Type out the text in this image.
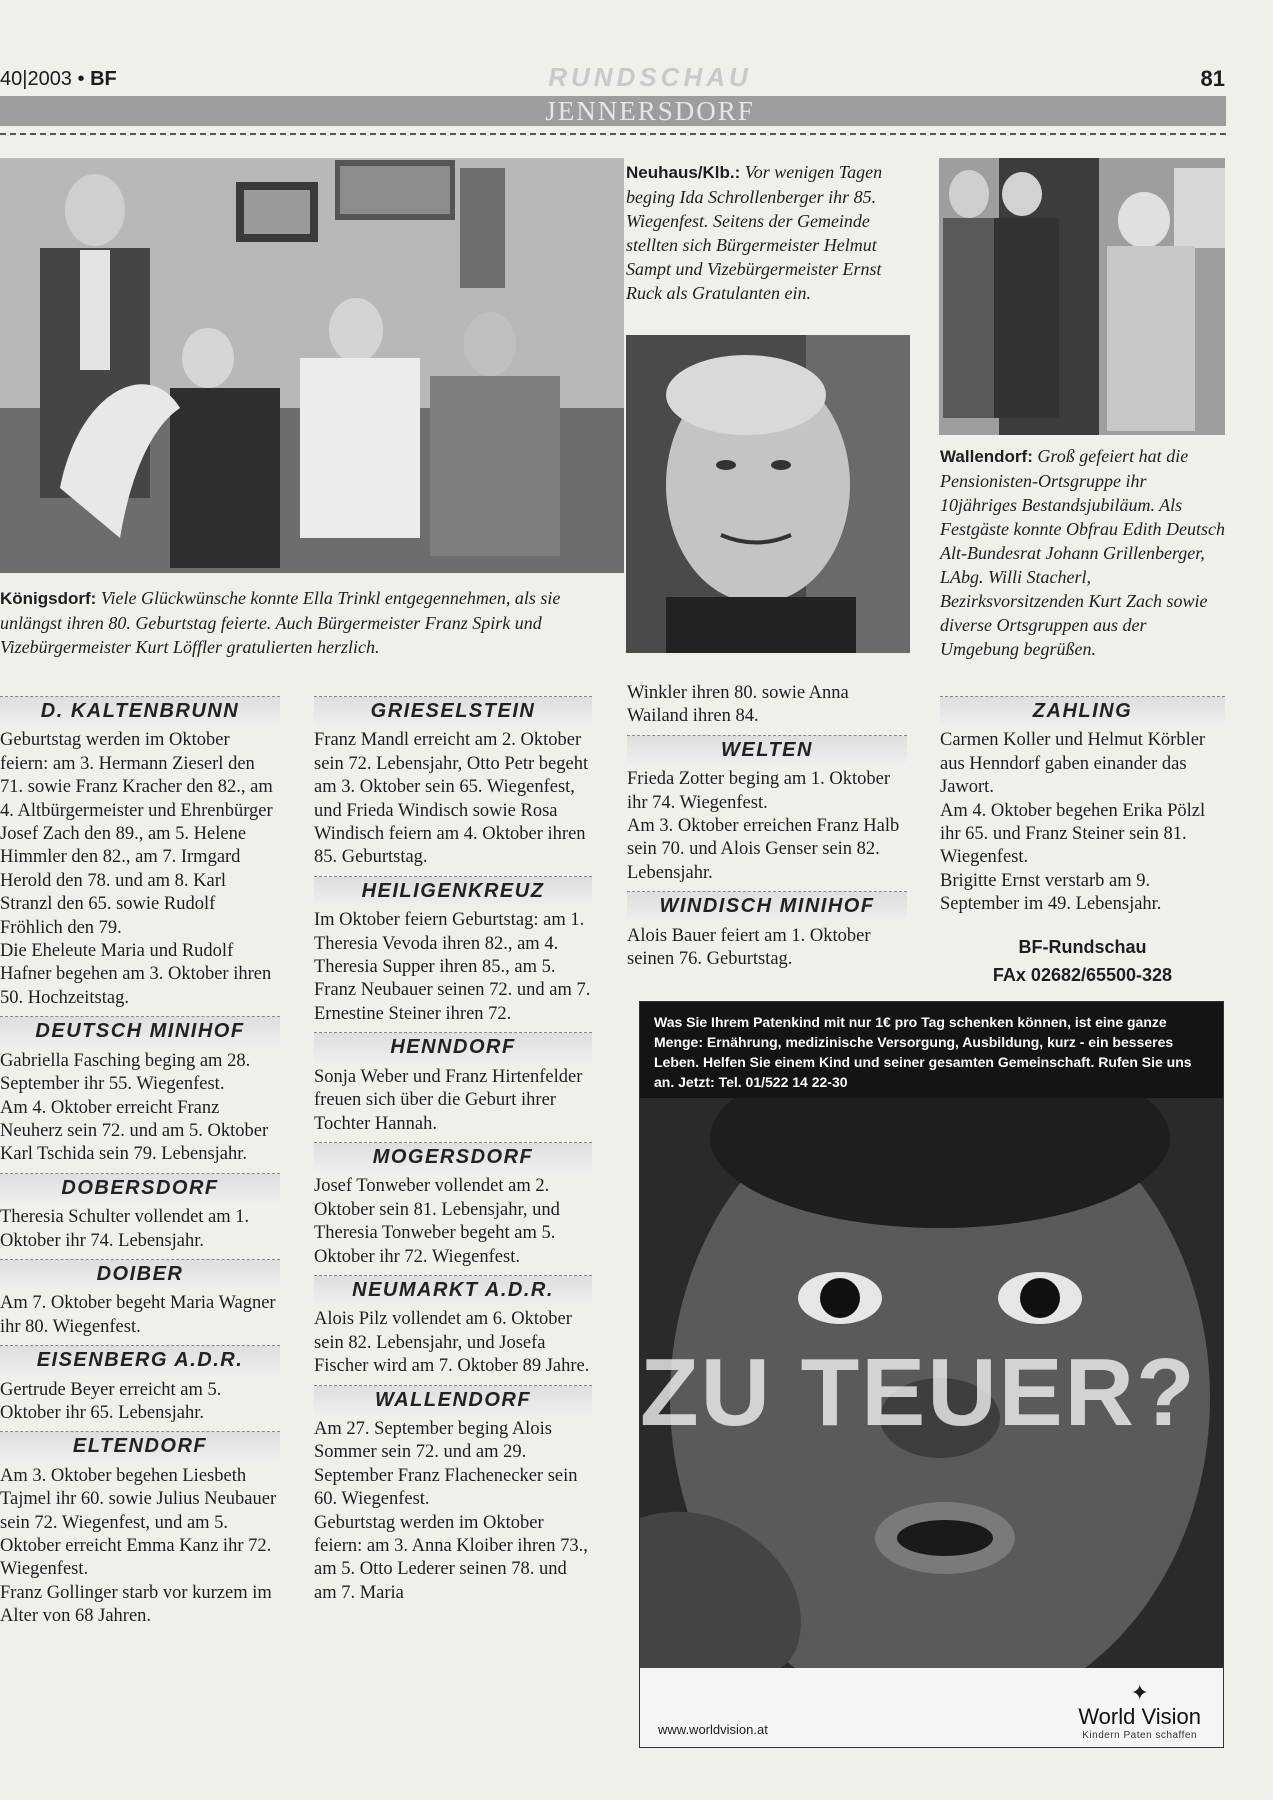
40|2003 • BF	RUNDSCHAU	81
JENNERSDORF
Königsdorf: Viele Glückwünsche konnte Ella Trinkl entgegennehmen, als sie unlängst ihren 80. Geburtstag feierte. Auch Bürgermeister Franz Spirk und Vizebürgermeister Kurt Löffler gratulierten herzlich.
Neuhaus/Klb.: Vor wenigen Tagen beging Ida Schrollenberger ihr 85. Wiegenfest. Seitens der Gemeinde stellten sich Bürgermeister Helmut Sampt und Vizebürgermeister Ernst Ruck als Gratulanten ein.
Wallendorf: Groß gefeiert hat die Pensionisten-Ortsgruppe ihr 10jähriges Bestandsjubiläum. Als Festgäste konnte Obfrau Edith Deutsch Alt-Bundesrat Johann Grillenberger, LAbg. Willi Stacherl, Bezirksvorsitzenden Kurt Zach sowie diverse Ortsgruppen aus der Umgebung begrüßen.
D. KALTENBRUNN

Geburtstag werden im Oktober feiern: am 3. Hermann Zieserl den 71. sowie Franz Kracher den 82., am 4. Altbürgermeister und Ehrenbürger Josef Zach den 89., am 5. Helene Himmler den 82., am 7. Irmgard Herold den 78. und am 8. Karl Stranzl den 65. sowie Rudolf Fröhlich den 79.

Die Eheleute Maria und Rudolf Hafner begehen am 3. Oktober ihren 50. Hochzeitstag.

DEUTSCH MINIHOF

Gabriella Fasching beging am 28. September ihr 55. Wiegenfest.

Am 4. Oktober erreicht Franz Neuherz sein 72. und am 5. Oktober Karl Tschida sein 79. Lebensjahr.

DOBERSDORF

Theresia Schulter vollendet am 1. Oktober ihr 74. Lebensjahr.

DOIBER

Am 7. Oktober begeht Maria Wagner ihr 80. Wiegenfest.

EISENBERG A.D.R.

Gertrude Beyer erreicht am 5. Oktober ihr 65. Lebensjahr.

ELTENDORF

Am 3. Oktober begehen Liesbeth Tajmel ihr 60. sowie Julius Neubauer sein 72. Wiegenfest, und am 5. Oktober erreicht Emma Kanz ihr 72. Wiegenfest.

Franz Gollinger starb vor kurzem im Alter von 68 Jahren.

GRIESELSTEIN

Franz Mandl erreicht am 2. Oktober sein 72. Lebensjahr, Otto Petr begeht am 3. Oktober sein 65. Wiegenfest, und Frieda Windisch sowie Rosa Windisch feiern am 4. Oktober ihren 85. Geburtstag.

HEILIGENKREUZ

Im Oktober feiern Geburtstag: am 1. Theresia Vevoda ihren 82., am 4. Theresia Supper ihren 85., am 5. Franz Neubauer seinen 72. und am 7. Ernestine Steiner ihren 72.

HENNDORF

Sonja Weber und Franz Hirtenfelder freuen sich über die Geburt ihrer Tochter Hannah.

MOGERSDORF

Josef Tonweber vollendet am 2. Oktober sein 81. Lebensjahr, und Theresia Tonweber begeht am 5. Oktober ihr 72. Wiegenfest.

NEUMARKT A.D.R.

Alois Pilz vollendet am 6. Oktober sein 82. Lebensjahr, und Josefa Fischer wird am 7. Oktober 89 Jahre.

WALLENDORF

Am 27. September beging Alois Sommer sein 72. und am 29. September Franz Flachenecker sein 60. Wiegenfest.

Geburtstag werden im Oktober feiern: am 3. Anna Kloiber ihren 73., am 5. Otto Lederer seinen 78. und am 7. Maria

Winkler ihren 80. sowie Anna Wailand ihren 84.

WELTEN

Frieda Zotter beging am 1. Oktober ihr 74. Wiegenfest.

Am 3. Oktober erreichen Franz Halb sein 70. und Alois Genser sein 82. Lebensjahr.

WINDISCH MINIHOF

Alois Bauer feiert am 1. Oktober seinen 76. Geburtstag.

ZAHLING

Carmen Koller und Helmut Körbler aus Henndorf gaben einander das Jawort.

Am 4. Oktober begehen Erika Pölzl ihr 65. und Franz Steiner sein 81. Wiegenfest.

Brigitte Ernst verstarb am 9. September im 49. Lebensjahr.

BF-Rundschau
FAx 02682/65500-328
Was Sie Ihrem Patenkind mit nur 1€ pro Tag schenken können, ist eine ganze Menge: Ernährung, medizinische Versorgung, Ausbildung, kurz - ein besseres Leben. Helfen Sie einem Kind und seiner gesamten Gemeinschaft. Rufen Sie uns an. Jetzt: Tel. 01/522 14 22-30
ZU TEUER?
www.worldvision.at
✦
World Vision
Kindern Paten schaffen
